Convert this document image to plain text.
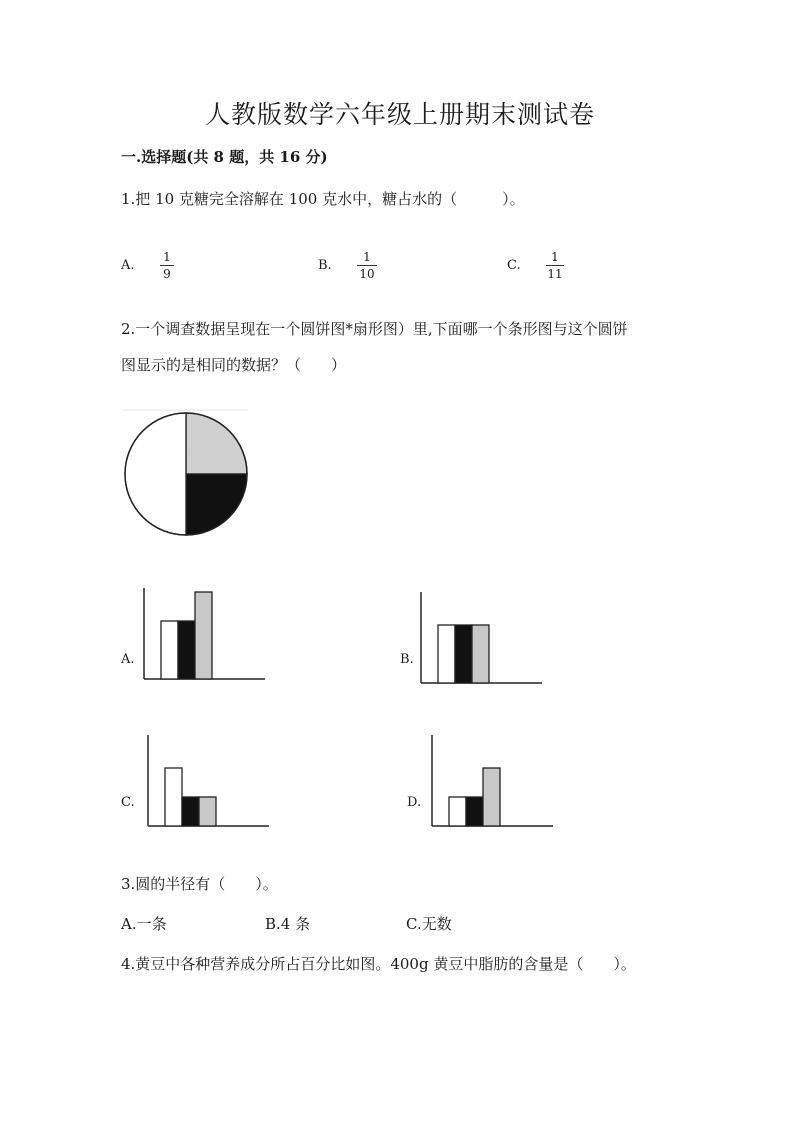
人教版数学六年级上册期末测试卷
一.选择题(共 8 题，共 16 分)
1.把 10 克糖完全溶解在 100 克水中，糖占水的（　　　）。
A.
1
9
B.
1
10
C.
1
11
2.一个调查数据呈现在一个圆饼图*扇形图）里,下面哪一个条形图与这个圆饼
图显示的是相同的数据？（　　）
A.	B.
C.	D.
3.圆的半径有（　　）。
A.一条	B.4 条	C.无数
4.黄豆中各种营养成分所占百分比如图。400g 黄豆中脂肪的含量是（　　）。
